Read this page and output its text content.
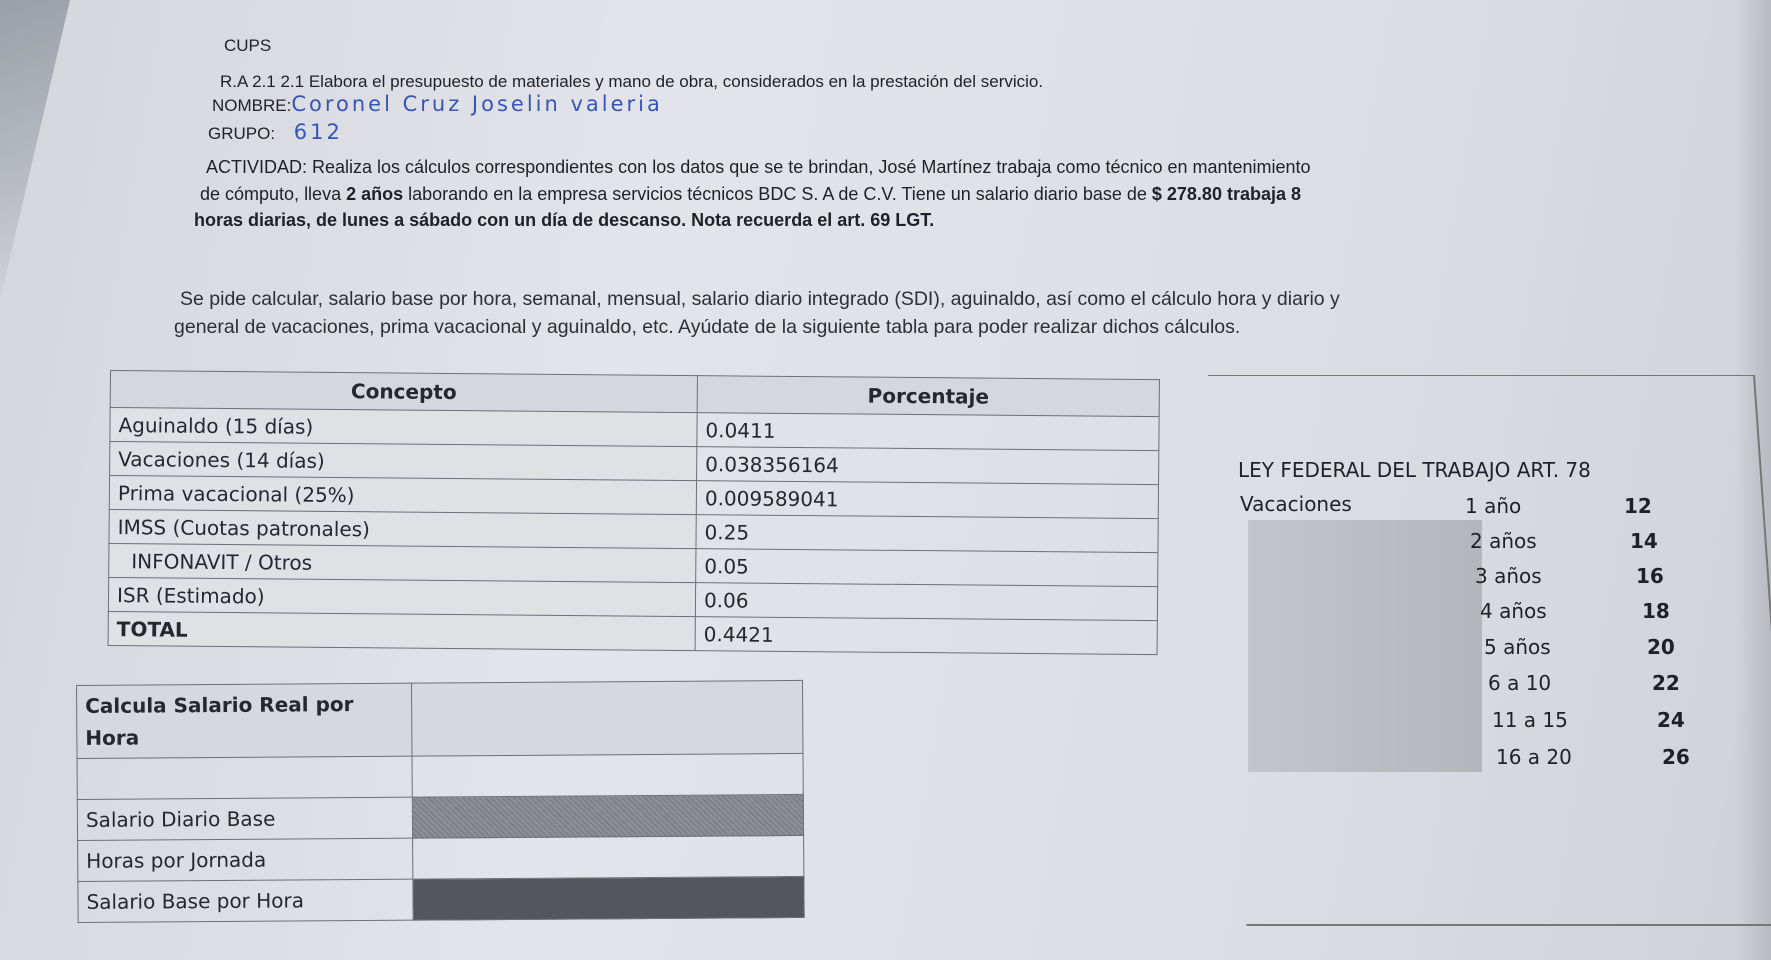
CUPS
R.A 2.1 2.1 Elabora el presupuesto de materiales y mano de obra, considerados en la prestación del servicio.
NOMBRE:Coronel Cruz Joselin valeria
GRUPO: 612
ACTIVIDAD: Realiza los cálculos correspondientes con los datos que se te brindan, José Martínez trabaja como técnico en mantenimiento
de cómputo, lleva 2 años laborando en la empresa servicios técnicos BDC S. A de C.V. Tiene un salario diario base de $ 278.80 trabaja 8
horas diarias, de lunes a sábado con un día de descanso. Nota recuerda el art. 69 LGT.
Se pide calcular, salario base por hora, semanal, mensual, salario diario integrado (SDI), aguinaldo, así como el cálculo hora y diario y
general de vacaciones, prima vacacional y aguinaldo, etc. Ayúdate de la siguiente tabla para poder realizar dichos cálculos.
Concepto	Porcentaje
Aguinaldo (15 días)	0.0411
Vacaciones (14 días)	0.038356164
Prima vacacional (25%)	0.009589041
IMSS (Cuotas patronales)	0.25
INFONAVIT / Otros	0.05
ISR (Estimado)	0.06
TOTAL	0.4421
Calcula Salario Real por
Hora	

Salario Diario Base	
Horas por Jornada	
Salario Base por Hora	
LEY FEDERAL DEL TRABAJO ART. 78
Vacaciones	1 año	12
2 años	14
3 años	16
4 años	18
5 años	20
6 a 10	22
11 a 15	24
16 a 20	26
